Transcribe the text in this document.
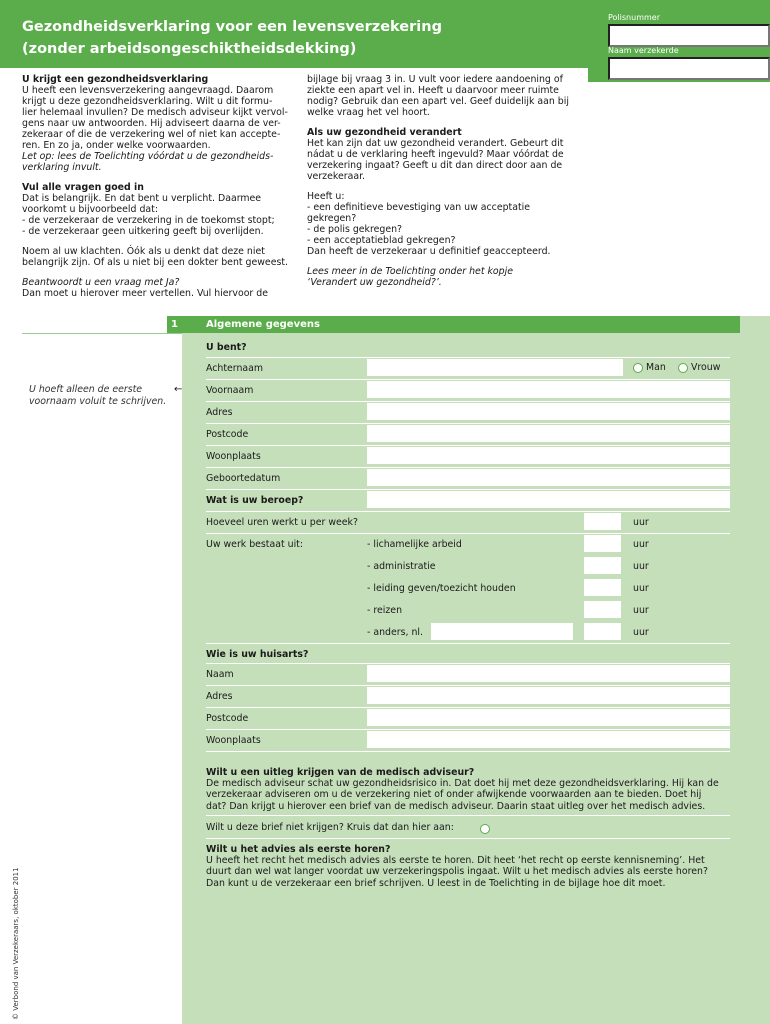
Gezondheidsverklaring voor een levensverzekering
(zonder arbeidsongeschiktheidsdekking)
Polisnummer
Naam verzekerde

U krijgt een gezondheidsverklaring
U heeft een levensverzekering aangevraagd. Daarom
krijgt u deze gezondheidsverklaring. Wilt u dit formu-
lier helemaal invullen? De medisch adviseur kijkt vervol-
gens naar uw antwoorden. Hij adviseert daarna de ver-
zekeraar of die de verzekering wel of niet kan accepte-
ren. En zo ja, onder welke voorwaarden.
Let op: lees de Toelichting vóórdat u de gezondheids-
verklaring invult.

Vul alle vragen goed in
Dat is belangrijk. En dat bent u verplicht. Daarmee
voorkomt u bijvoorbeeld dat:
- de verzekeraar de verzekering in de toekomst stopt;
- de verzekeraar geen uitkering geeft bij overlijden.

Noem al uw klachten. Óók als u denkt dat deze niet
belangrijk zijn. Of als u niet bij een dokter bent geweest.

Beantwoordt u een vraag met Ja?
Dan moet u hierover meer vertellen. Vul hiervoor de

bijlage bij vraag 3 in. U vult voor iedere aandoening of
ziekte een apart vel in. Heeft u daarvoor meer ruimte
nodig? Gebruik dan een apart vel. Geef duidelijk aan bij
welke vraag het vel hoort.

Als uw gezondheid verandert
Het kan zijn dat uw gezondheid verandert. Gebeurt dit
nádat u de verklaring heeft ingevuld? Maar vóórdat de
verzekering ingaat? Geeft u dit dan direct door aan de
verzekeraar.

Heeft u:
- een definitieve bevestiging van uw acceptatie
gekregen?
- de polis gekregen?
- een acceptatieblad gekregen?
Dan heeft de verzekeraar u definitief geaccepteerd.

Lees meer in de Toelichting onder het kopje
‘Verandert uw gezondheid?’.

1	Algemene gegevens
U bent?
Achternaam	Man	Vrouw
U hoeft alleen de eerste
voornaam voluit te schrijven.
←	Voornaam
Adres
Postcode
Woonplaats
Geboortedatum
Wat is uw beroep?
Hoeveel uren werkt u per week?	uur
Uw werk bestaat uit:	- lichamelijke arbeid	uur
- administratie	uur
- leiding geven/toezicht houden	uur
- reizen	uur
- anders, nl.	uur
Wie is uw huisarts?
Naam
Adres
Postcode
Woonplaats
Wilt u een uitleg krijgen van de medisch adviseur?
De medisch adviseur schat uw gezondheidsrisico in. Dat doet hij met deze gezondheidsverklaring. Hij kan de
verzekeraar adviseren om u de verzekering niet of onder afwijkende voorwaarden aan te bieden. Doet hij
dat? Dan krijgt u hierover een brief van de medisch adviseur. Daarin staat uitleg over het medisch advies.
Wilt u deze brief niet krijgen? Kruis dat dan hier aan:
Wilt u het advies als eerste horen?
U heeft het recht het medisch advies als eerste te horen. Dit heet ‘het recht op eerste kennisneming’. Het
duurt dan wel wat langer voordat uw verzekeringspolis ingaat. Wilt u het medisch advies als eerste horen?
Dan kunt u de verzekeraar een brief schrijven. U leest in de Toelichting in de bijlage hoe dit moet.
© Verbond van Verzekeraars, oktober 2011
